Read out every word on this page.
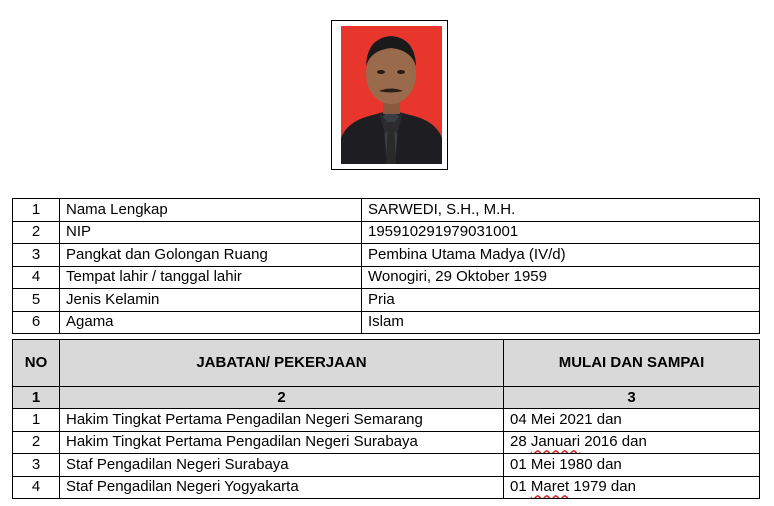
1	Nama Lengkap	SARWEDI, S.H., M.H.
2	NIP	195910291979031001
3	Pangkat dan Golongan Ruang	Pembina Utama Madya (IV/d)
4	Tempat lahir / tanggal lahir	Wonogiri, 29 Oktober 1959
5	Jenis Kelamin	Pria
6	Agama	Islam
NO	JABATAN/ PEKERJAAN	MULAI DAN SAMPAI
1	2	3
1	Hakim Tingkat Pertama Pengadilan Negeri Semarang	04 Mei 2021 dan
2	Hakim Tingkat Pertama Pengadilan Negeri Surabaya	28 Januari 2016 dan
3	Staf Pengadilan Negeri Surabaya	01 Mei 1980 dan
4	Staf Pengadilan Negeri Yogyakarta	01 Maret 1979 dan
